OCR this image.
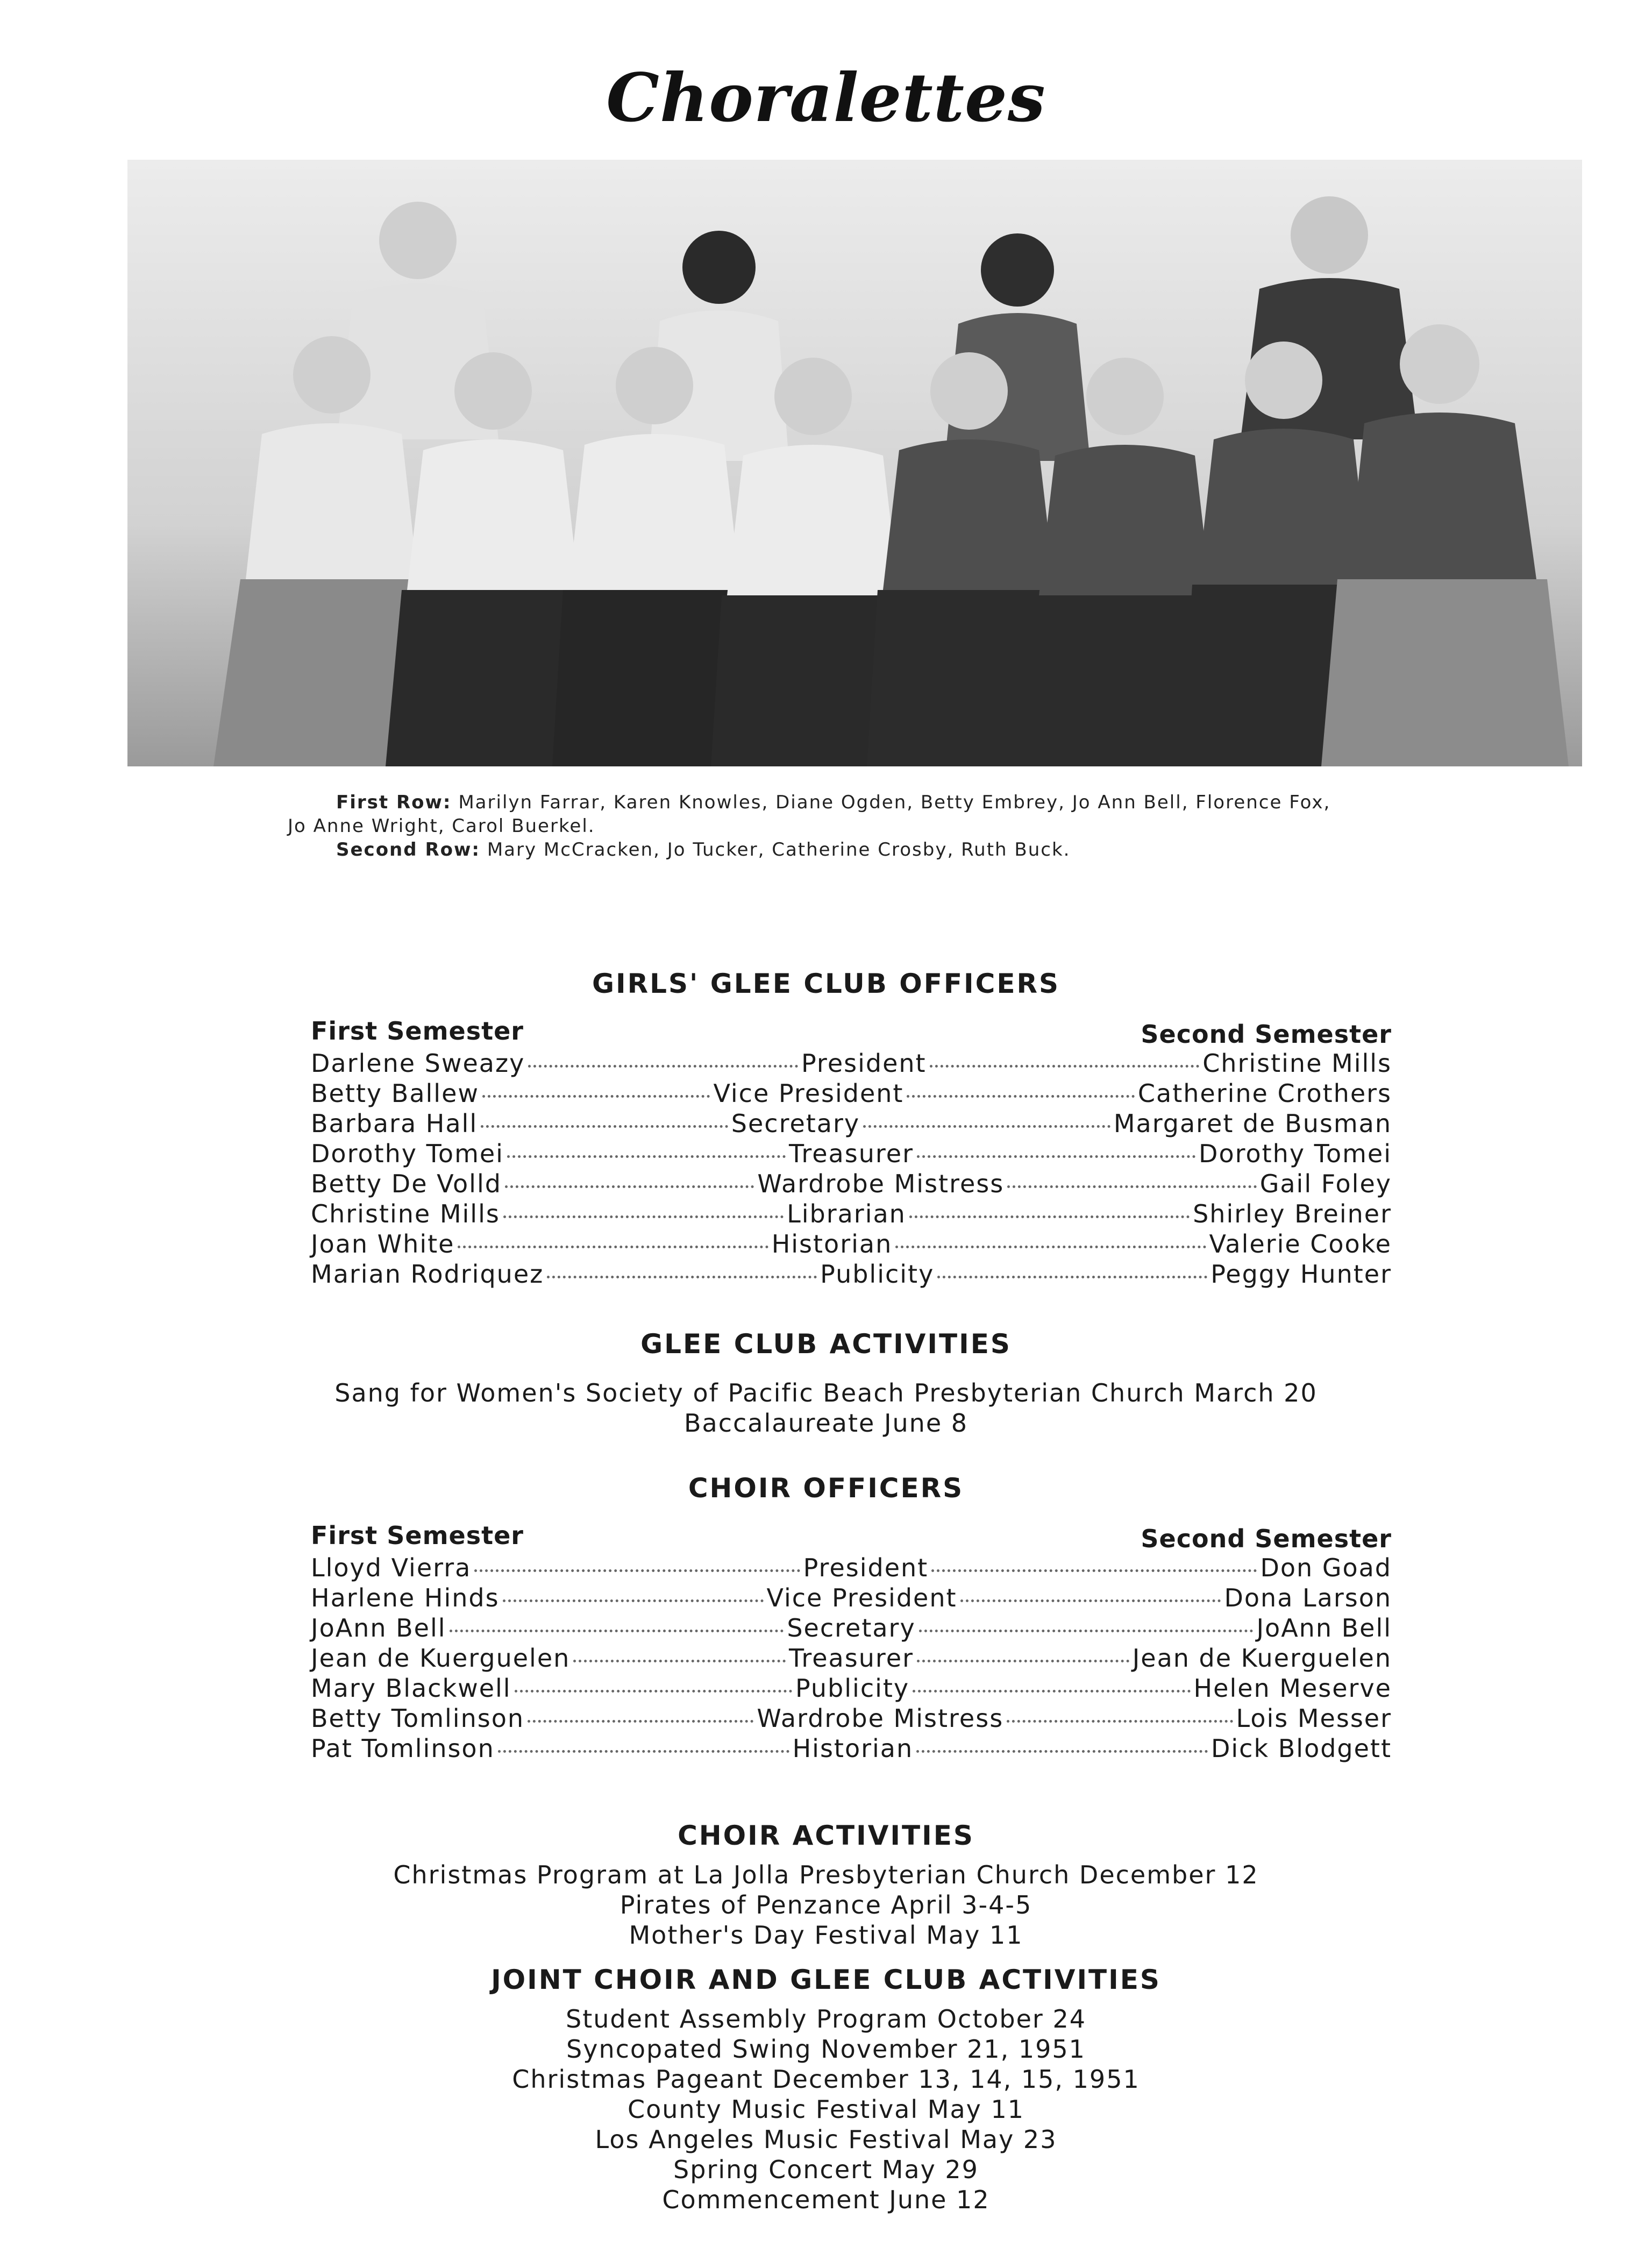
Choralettes
First Row: Marilyn Farrar, Karen Knowles, Diane Ogden, Betty Embrey, Jo Ann Bell, Florence Fox,
Jo Anne Wright, Carol Buerkel.
Second Row: Mary McCracken, Jo Tucker, Catherine Crosby, Ruth Buck.
GIRLS' GLEE CLUB OFFICERS
First Semester	Second Semester
Darlene Sweazy	President	Christine Mills
Betty Ballew	Vice President	Catherine Crothers
Barbara Hall	Secretary	Margaret de Busman
Dorothy Tomei	Treasurer	Dorothy Tomei
Betty De Volld	Wardrobe Mistress	Gail Foley
Christine Mills	Librarian	Shirley Breiner
Joan White	Historian	Valerie Cooke
Marian Rodriquez	Publicity	Peggy Hunter
GLEE CLUB ACTIVITIES
Sang for Women's Society of Pacific Beach Presbyterian Church March 20
Baccalaureate June 8
CHOIR OFFICERS
First Semester	Second Semester
Lloyd Vierra	President	Don Goad
Harlene Hinds	Vice President	Dona Larson
JoAnn Bell	Secretary	JoAnn Bell
Jean de Kuerguelen	Treasurer	Jean de Kuerguelen
Mary Blackwell	Publicity	Helen Meserve
Betty Tomlinson	Wardrobe Mistress	Lois Messer
Pat Tomlinson	Historian	Dick Blodgett
CHOIR ACTIVITIES
Christmas Program at La Jolla Presbyterian Church December 12
Pirates of Penzance April 3-4-5
Mother's Day Festival May 11
JOINT CHOIR AND GLEE CLUB ACTIVITIES
Student Assembly Program October 24
Syncopated Swing November 21, 1951
Christmas Pageant December 13, 14, 15, 1951
County Music Festival May 11
Los Angeles Music Festival May 23
Spring Concert May 29
Commencement June 12
